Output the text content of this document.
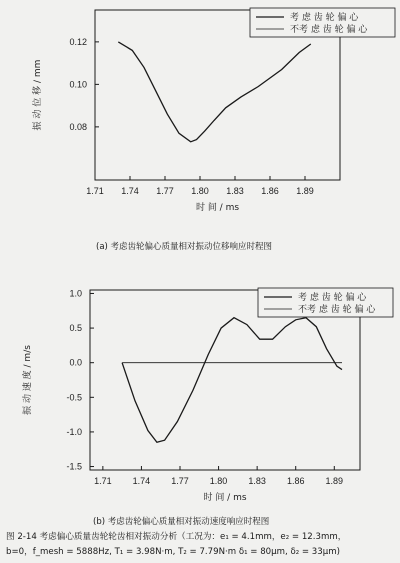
1.71 1.74 1.77 1.80 1.83 1.86 1.89
0.12
0.10
0.08
时 间 / ms
振 动 位 移 / mm
考 虑 齿 轮 偏 心
不考 虑 齿 轮 偏 心
1.71 1.74 1.77 1.80 1.83 1.86 1.89
1.0
0.5
0.0
-0.5
-1.0
-1.5
时 间 / ms
振 动 速 度 / m/s
考 虑 齿 轮 偏 心
不考 虑 齿 轮 偏 心
(a) 考虑齿轮偏心质量相对振动位移响应时程图
(b) 考虑齿轮偏心质量相对振动速度响应时程图
图 2-14 考虑偏心质量齿轮轮齿相对振动分析（工况为：e₁ = 4.1mm，e₂ = 12.3mm，
b=0，f_mesh = 5888Hz, T₁ = 3.98N·m, T₂ = 7.79N·m δ₁ = 80μm, δ₂ = 33μm)
